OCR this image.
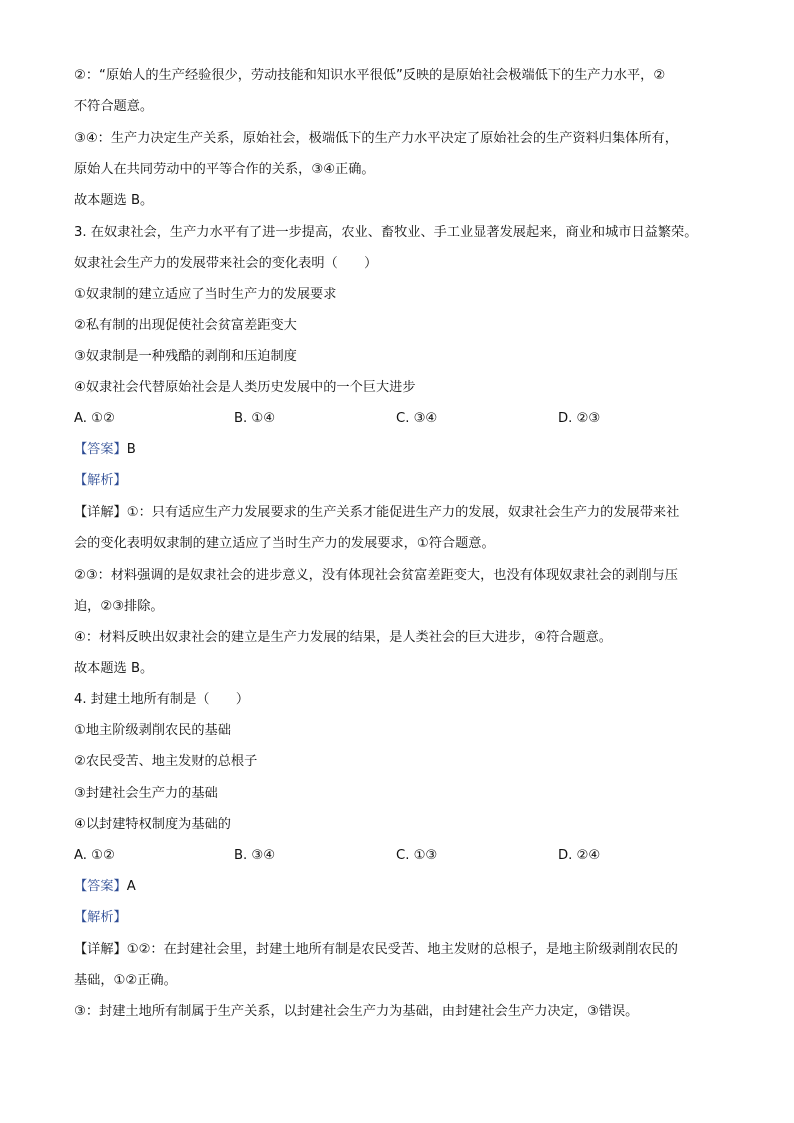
②：“原始人的生产经验很少，劳动技能和知识水平很低”反映的是原始社会极端低下的生产力水平，②
不符合题意。
③④：生产力决定生产关系，原始社会，极端低下的生产力水平决定了原始社会的生产资料归集体所有，
原始人在共同劳动中的平等合作的关系，③④正确。
故本题选 B。
3. 在奴隶社会，生产力水平有了进一步提高，农业、畜牧业、手工业显著发展起来，商业和城市日益繁荣。
奴隶社会生产力的发展带来社会的变化表明（　　）
①奴隶制的建立适应了当时生产力的发展要求
②私有制的出现促使社会贫富差距变大
③奴隶制是一种残酷的剥削和压迫制度
④奴隶社会代替原始社会是人类历史发展中的一个巨大进步
A. ①②	B. ①④	C. ③④	D. ②③
【答案】B
【解析】
【详解】①：只有适应生产力发展要求的生产关系才能促进生产力的发展，奴隶社会生产力的发展带来社
会的变化表明奴隶制的建立适应了当时生产力的发展要求，①符合题意。
②③：材料强调的是奴隶社会的进步意义，没有体现社会贫富差距变大，也没有体现奴隶社会的剥削与压
迫，②③排除。
④：材料反映出奴隶社会的建立是生产力发展的结果，是人类社会的巨大进步，④符合题意。
故本题选 B。
4. 封建土地所有制是（　　）
①地主阶级剥削农民的基础
②农民受苦、地主发财的总根子
③封建社会生产力的基础
④以封建特权制度为基础的
A. ①②	B. ③④	C. ①③	D. ②④
【答案】A
【解析】
【详解】①②：在封建社会里，封建土地所有制是农民受苦、地主发财的总根子，是地主阶级剥削农民的
基础，①②正确。
③：封建土地所有制属于生产关系，以封建社会生产力为基础，由封建社会生产力决定，③错误。
